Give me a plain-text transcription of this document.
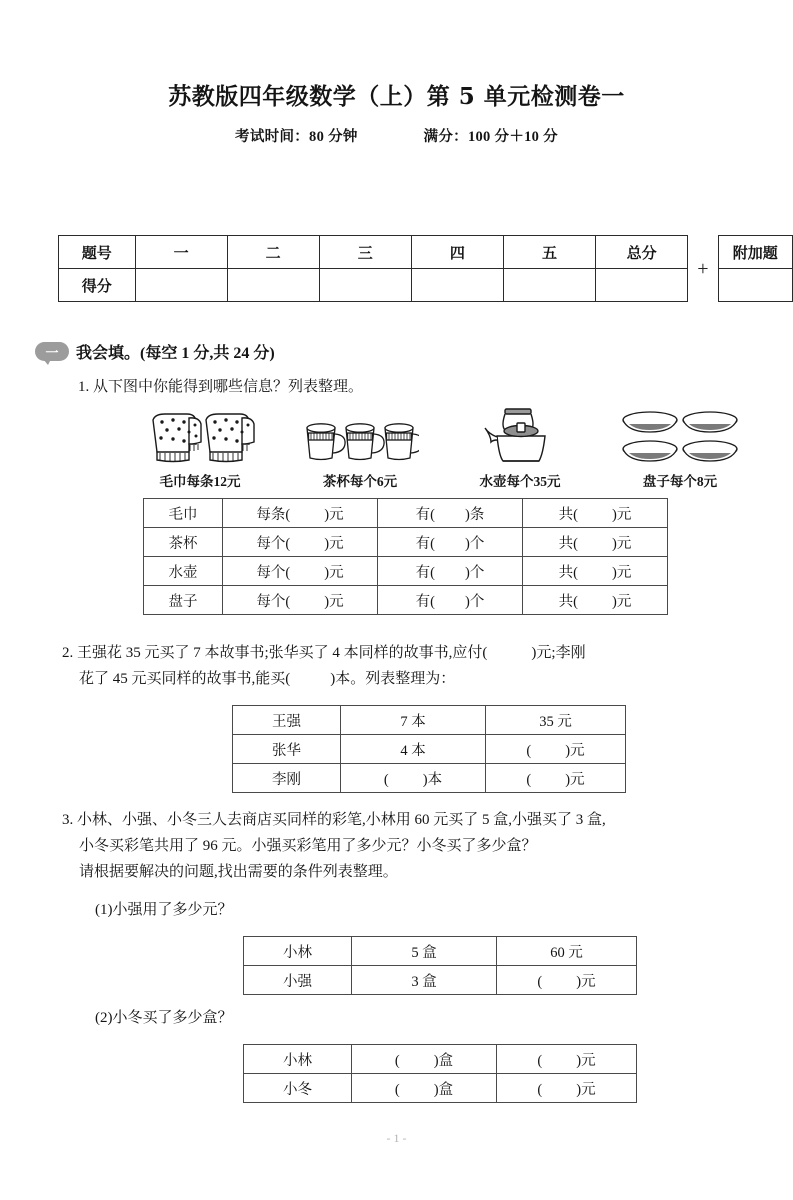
苏教版四年级数学（上）第 5 单元检测卷一
考试时间：80 分钟	满分：100 分＋10 分
题号	一	二	三	四	五	总分
得分						
+
附加题

一	我会填。(每空 1 分,共 24 分)
1. 从下图中你能得到哪些信息？列表整理。
毛巾每条12元	茶杯每个6元	水壶每个35元	盘子每个8元
毛巾	每条( )元	有( )条	共( )元
茶杯	每个( )元	有( )个	共( )元
水壶	每个( )元	有( )个	共( )元
盘子	每个( )元	有( )个	共( )元
2. 王强花 35 元买了 7 本故事书;张华买了 4 本同样的故事书,应付(	)元;李刚
花了 45 元买同样的故事书,能买(	)本。列表整理为：
王强	7 本	35 元
张华	4 本	( )元
李刚	( )本	( )元
3. 小林、小强、小冬三人去商店买同样的彩笔,小林用 60 元买了 5 盒,小强买了 3 盒,
小冬买彩笔共用了 96 元。小强买彩笔用了多少元？小冬买了多少盒？
请根据要解决的问题,找出需要的条件列表整理。
(1)小强用了多少元？
小林	5 盒	60 元
小强	3 盒	( )元
(2)小冬买了多少盒？
小林	( )盒	( )元
小冬	( )盒	( )元
- 1 -
